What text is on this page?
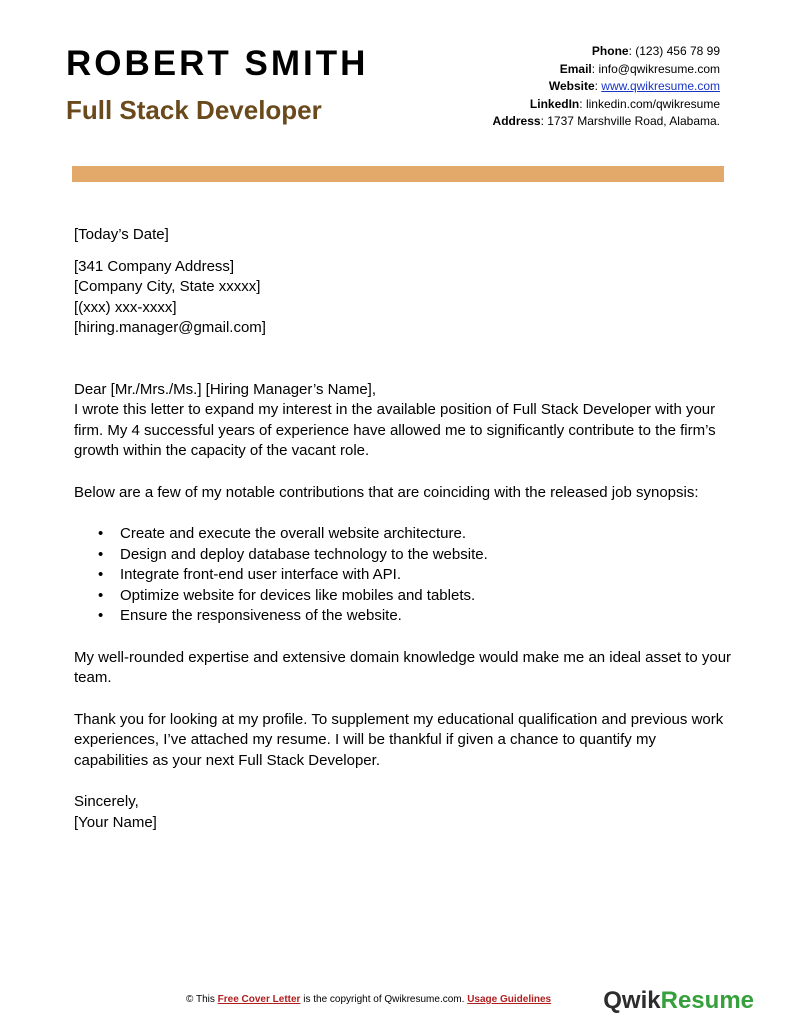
ROBERT SMITH
Full Stack Developer
Phone: (123) 456 78 99
Email: info@qwikresume.com
Website: www.qwikresume.com
LinkedIn: linkedin.com/qwikresume
Address: 1737 Marshville Road, Alabama.

[Today’s Date]

[341 Company Address]

[Company City, State xxxxx]

[(xxx) xxx-xxxx]

[hiring.manager@gmail.com]

Dear [Mr./Mrs./Ms.] [Hiring Manager’s Name],

I wrote this letter to expand my interest in the available position of Full Stack Developer with your firm. My 4 successful years of experience have allowed me to significantly contribute to the firm’s growth within the capacity of the vacant role.

Below are a few of my notable contributions that are coinciding with the released job synopsis:

• Create and execute the overall website architecture.
• Design and deploy database technology to the website.
• Integrate front-end user interface with API.
• Optimize website for devices like mobiles and tablets.
• Ensure the responsiveness of the website.

My well-rounded expertise and extensive domain knowledge would make me an ideal asset to your team.

Thank you for looking at my profile. To supplement my educational qualification and previous work experiences, I’ve attached my resume. I will be thankful if given a chance to quantify my capabilities as your next Full Stack Developer.

Sincerely,

[Your Name]

© This Free Cover Letter is the copyright of Qwikresume.com. Usage Guidelines QwikResume
